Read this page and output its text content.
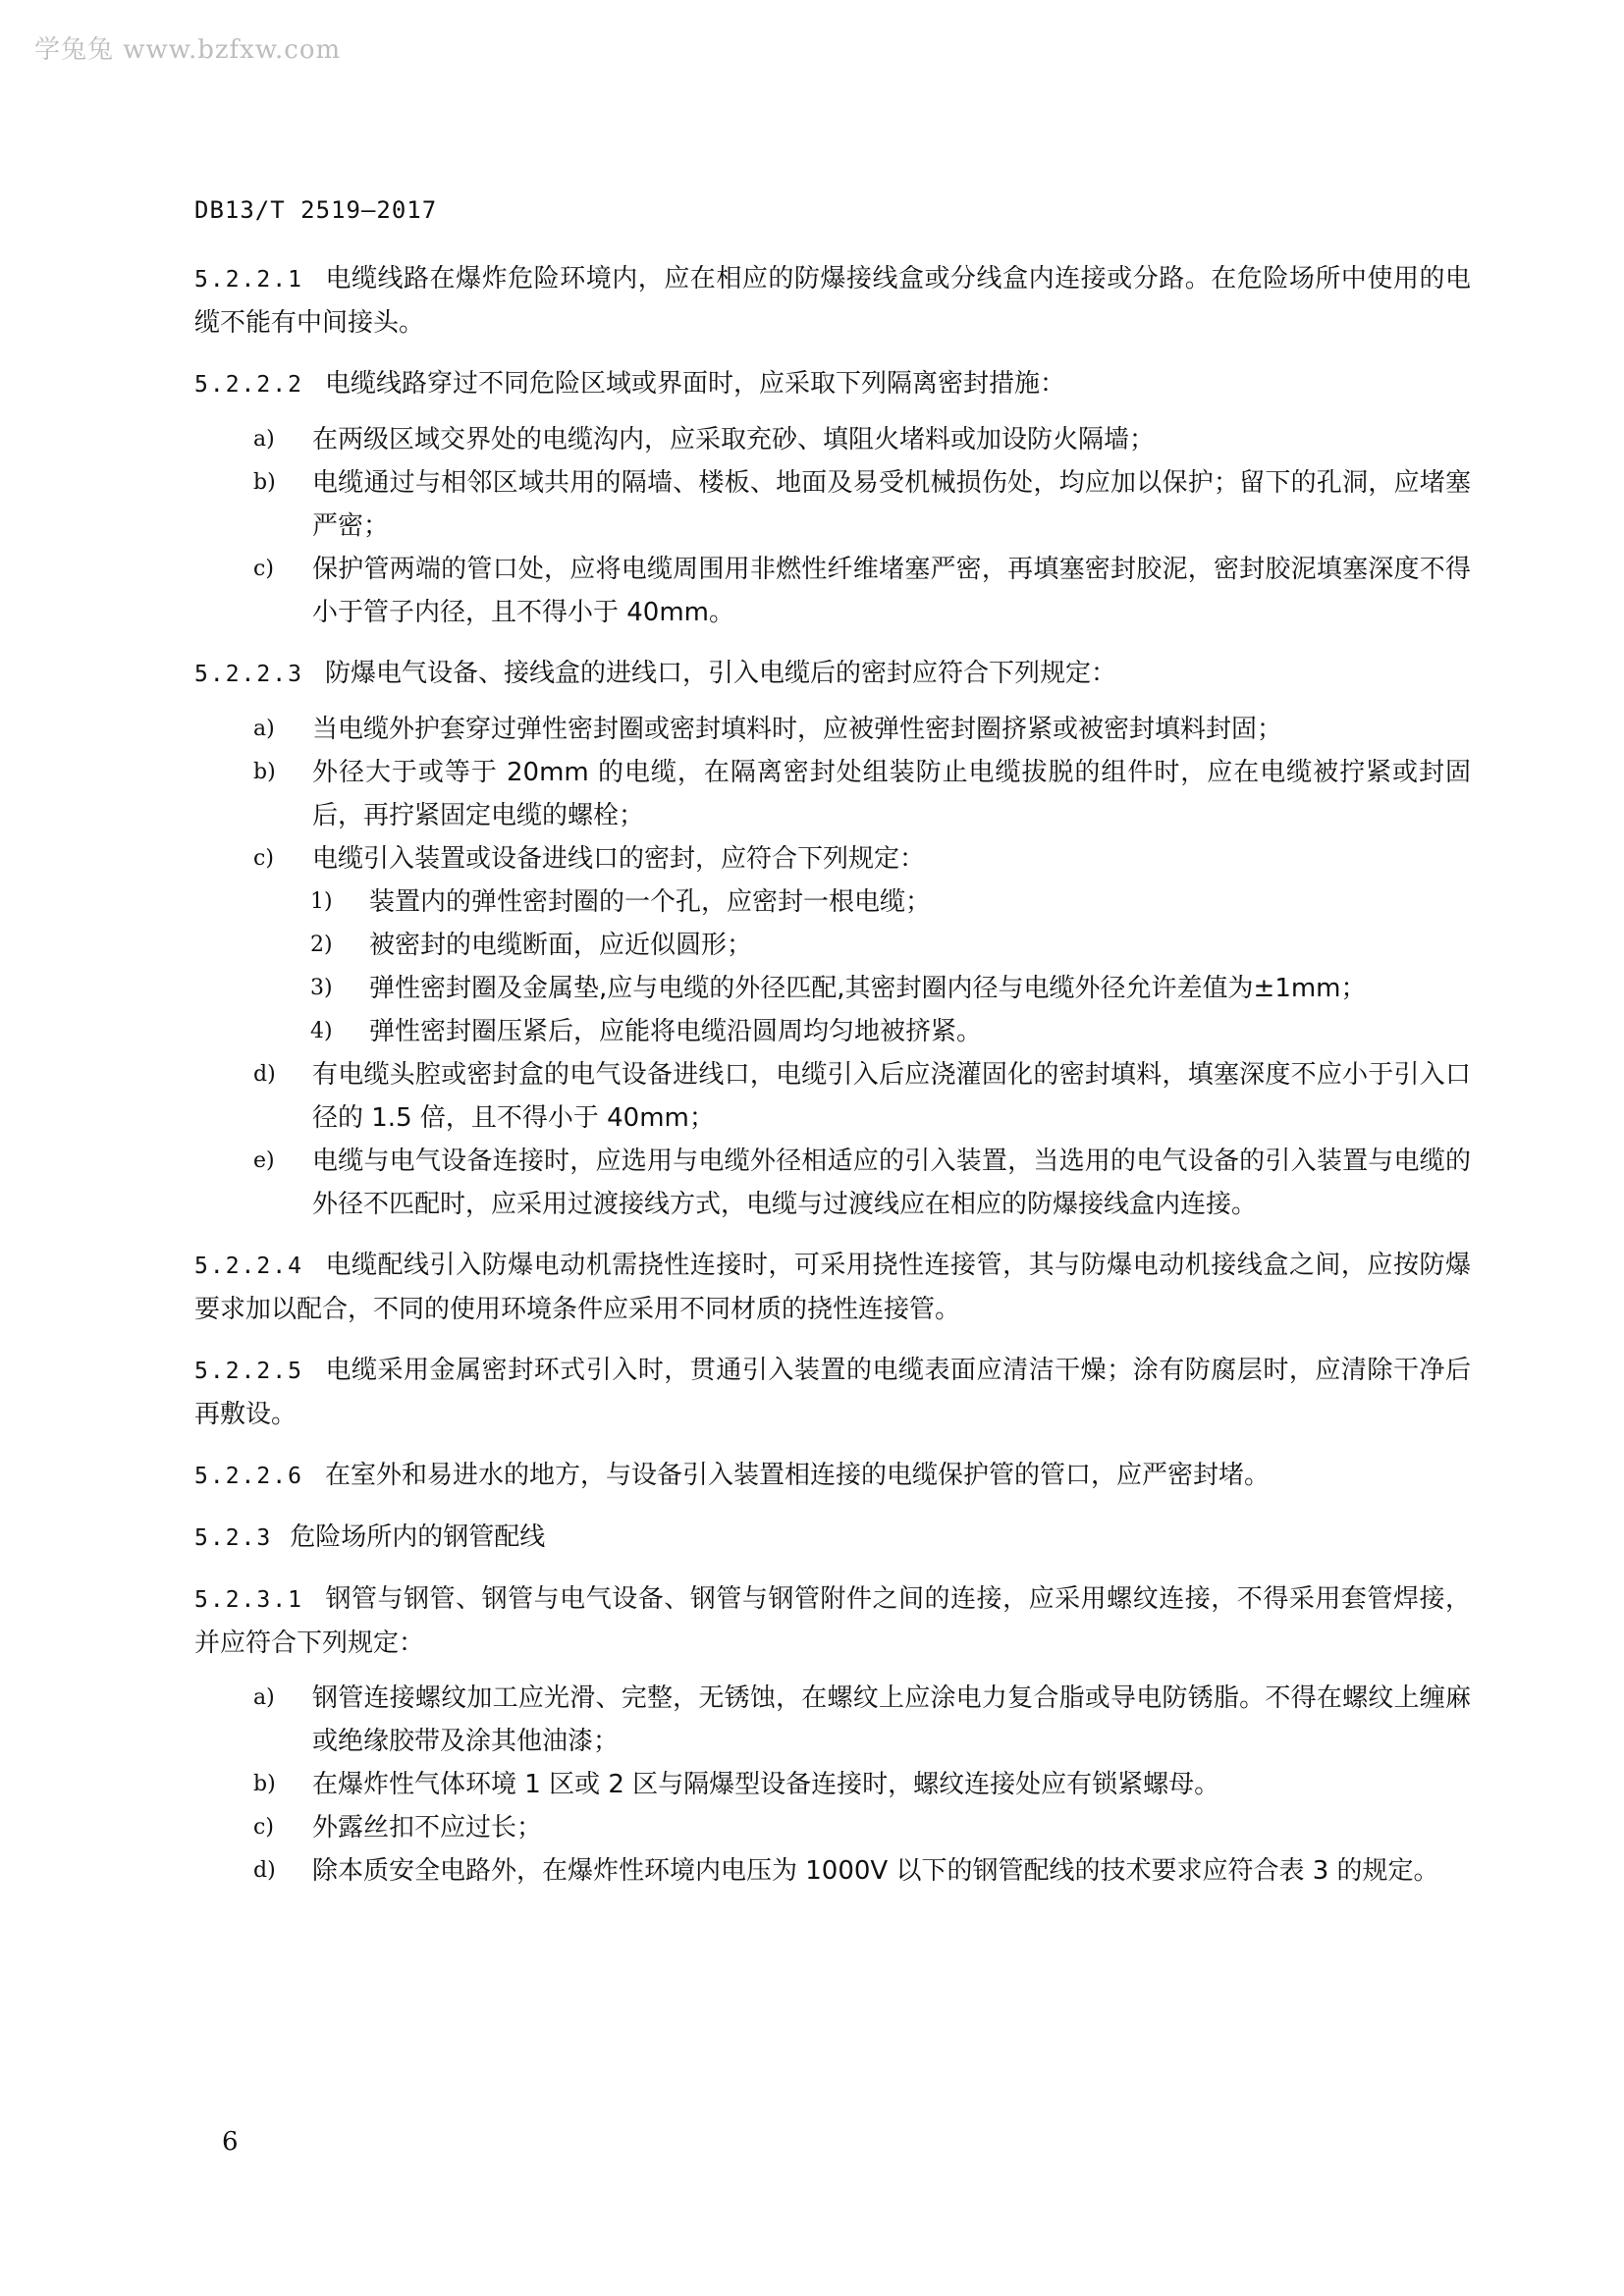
学兔兔 www.bzfxw.com
DB13/T 2519—2017

5.2.2.1 电缆线路在爆炸危险环境内，应在相应的防爆接线盒或分线盒内连接或分路。在危险场所中使用的电缆不能有中间接头。

5.2.2.2 电缆线路穿过不同危险区域或界面时，应采取下列隔离密封措施：

a) 在两级区域交界处的电缆沟内，应采取充砂、填阻火堵料或加设防火隔墙；
b) 电缆通过与相邻区域共用的隔墙、楼板、地面及易受机械损伤处，均应加以保护；留下的孔洞，应堵塞严密；
c) 保护管两端的管口处，应将电缆周围用非燃性纤维堵塞严密，再填塞密封胶泥，密封胶泥填塞深度不得小于管子内径，且不得小于 40mm。

5.2.2.3 防爆电气设备、接线盒的进线口，引入电缆后的密封应符合下列规定：

a) 当电缆外护套穿过弹性密封圈或密封填料时，应被弹性密封圈挤紧或被密封填料封固；
b) 外径大于或等于 20mm 的电缆，在隔离密封处组装防止电缆拔脱的组件时，应在电缆被拧紧或封固后，再拧紧固定电缆的螺栓；
c) 电缆引入装置或设备进线口的密封，应符合下列规定：
1) 装置内的弹性密封圈的一个孔，应密封一根电缆；
2) 被密封的电缆断面，应近似圆形；
3) 弹性密封圈及金属垫,应与电缆的外径匹配,其密封圈内径与电缆外径允许差值为±1mm；
4) 弹性密封圈压紧后，应能将电缆沿圆周均匀地被挤紧。
d) 有电缆头腔或密封盒的电气设备进线口，电缆引入后应浇灌固化的密封填料，填塞深度不应小于引入口径的 1.5 倍，且不得小于 40mm；
e) 电缆与电气设备连接时，应选用与电缆外径相适应的引入装置，当选用的电气设备的引入装置与电缆的外径不匹配时，应采用过渡接线方式，电缆与过渡线应在相应的防爆接线盒内连接。

5.2.2.4 电缆配线引入防爆电动机需挠性连接时，可采用挠性连接管，其与防爆电动机接线盒之间，应按防爆要求加以配合，不同的使用环境条件应采用不同材质的挠性连接管。

5.2.2.5 电缆采用金属密封环式引入时，贯通引入装置的电缆表面应清洁干燥；涂有防腐层时，应清除干净后再敷设。

5.2.2.6 在室外和易进水的地方，与设备引入装置相连接的电缆保护管的管口，应严密封堵。

5.2.3 危险场所内的钢管配线

5.2.3.1 钢管与钢管、钢管与电气设备、钢管与钢管附件之间的连接，应采用螺纹连接，不得采用套管焊接，并应符合下列规定：

a) 钢管连接螺纹加工应光滑、完整，无锈蚀，在螺纹上应涂电力复合脂或导电防锈脂。不得在螺纹上缠麻或绝缘胶带及涂其他油漆；
b) 在爆炸性气体环境 1 区或 2 区与隔爆型设备连接时，螺纹连接处应有锁紧螺母。
c) 外露丝扣不应过长；
d) 除本质安全电路外，在爆炸性环境内电压为 1000V 以下的钢管配线的技术要求应符合表 3 的规定。
6
